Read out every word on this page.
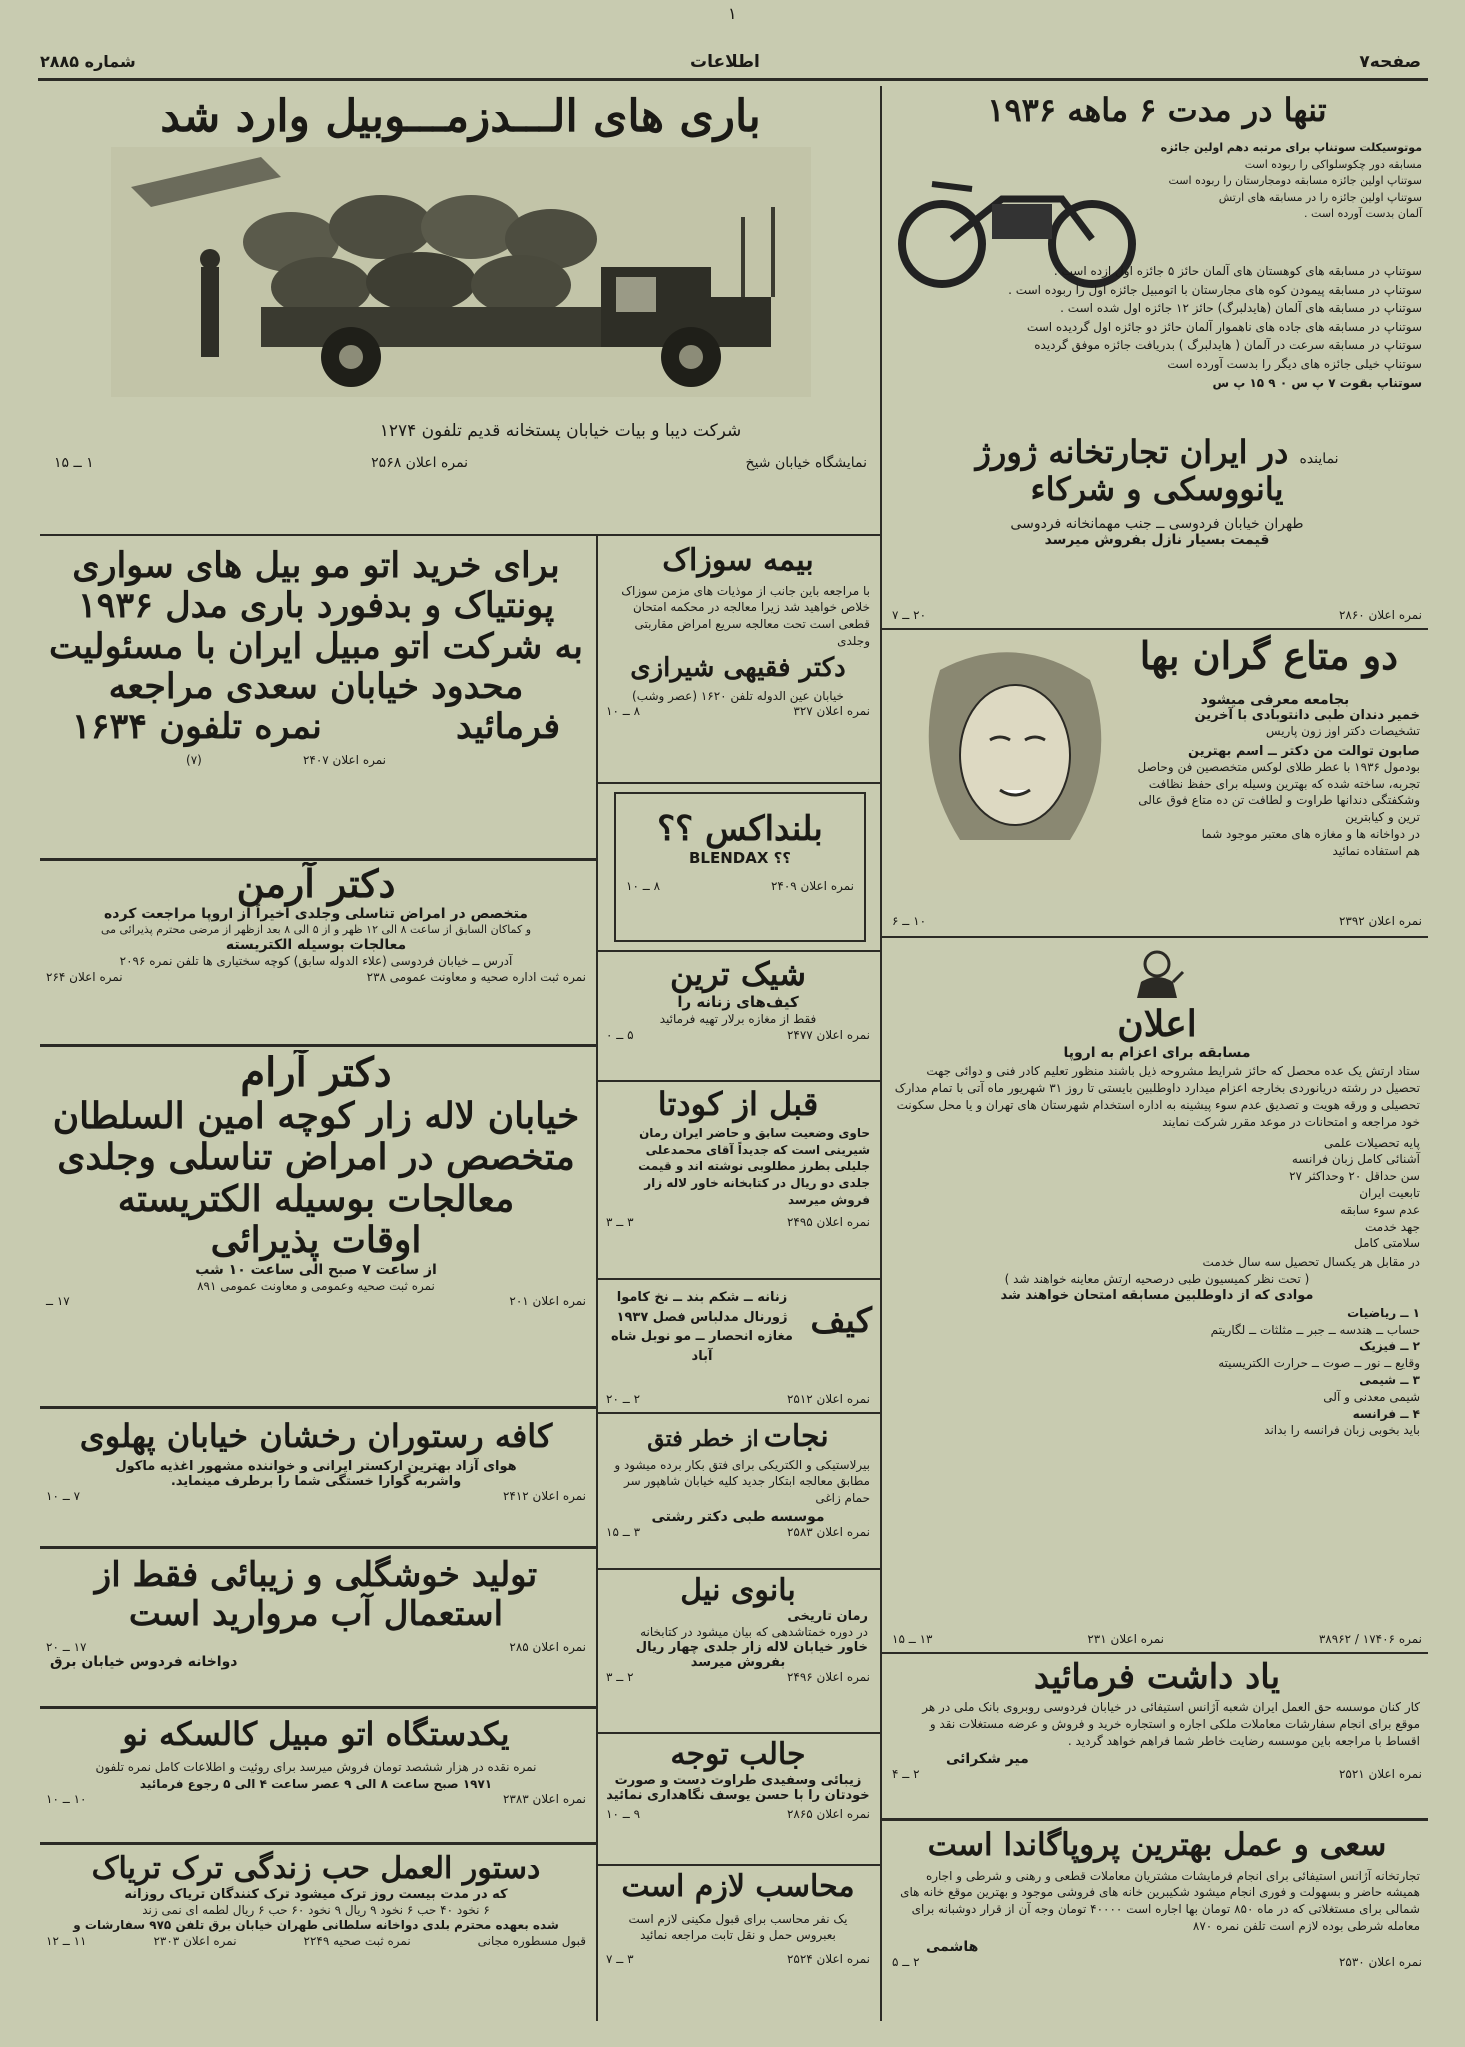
۱
شماره ۲۸۸۵	اطلاعات	صفحه۷
باری های الـــدزمـــوبیل وارد شد
شرکت دیبا و بیات خیابان پستخانه قدیم تلفون ۱۲۷۴
نمایشگاه خیابان شیخ
نمره اعلان ۲۵۶۸
۱ ــ ۱۵
تنها در مدت ۶ ماهه ۱۹۳۶
موتوسیکلت سوتناپ برای مرتبه دهم اولین جائزه
مسابقه دور چکوسلواکی را ربوده است
سوتناپ اولین جائزه مسابقه دومجارستان را ربوده است
سوتناپ اولین جائزه را در مسابقه های ارتش
آلمان بدست آورده است .
سوتناپ در مسابقه های کوهستان های آلمان حائز ۵ جائزه اول ازده است .
سوتناپ در مسابقه پیمودن کوه های مجارستان با اتومبیل جائزه اول را ربوده است .
سوتناپ در مسابقه های آلمان (هایدلبرگ) حائز ۱۲ جائزه اول شده است .
سوتناپ در مسابقه های جاده های ناهموار آلمان حائز دو جائزه اول گردیده است
سوتناپ در مسابقه سرعت در آلمان ( هایدلبرگ ) بدریافت جائزه موفق گردیده
سوتناپ خیلی جائزه های دیگر را بدست آورده است
سوتناپ بقوت ۷ پ س ۰ ۹ ۱۵ پ س
نماینده در ایران تجارتخانه ژورژ
یانووسکی و شرکاء
طهران خیابان فردوسی ــ جنب مهمانخانه فردوسی
قیمت بسیار نازل بفروش میرسد
نمره اعلان ۲۸۶۰
۲۰ ــ ۷
برای خرید اتو مو بیل های سواری
پونتیاک و بدفورد باری مدل ۱۹۳۶
به شرکت اتو مبیل ایران با مسئولیت
محدود خیابان سعدی مراجعه
فرمائید           نمره تلفون ۱۶۳۴
نمره اعلان ۲۴۰۷
(۷)
بیمه سوزاک
با مراجعه باین جانب از موذیات های مزمن سوزاک خلاص خواهید شد زیرا معالجه در محکمه امتحان قطعی است تحت معالجه سریع امراض مقاربتی وجلدی
دکتر فقیهی شیرازی
خیابان عین الدوله تلفن ۱۶۲۰ (عصر وشب)
نمره اعلان ۳۲۷
۸ ــ ۱۰
بلنداکس ؟؟
BLENDAX ؟؟
نمره اعلان ۲۴۰۹
۸ ــ ۱۰
دو متاع گران بها
بجامعه معرفی میشود
خمیر دندان طبی دانتوبادی با آخرین
تشخیصات دکتر اوز زون پاریس
صابون توالت من دکتر ــ اسم بهترین
بودمول ۱۹۳۶ با عطر طلای لوکس متخصصین فن وحاصل تجربه، ساخته شده که بهترین وسیله برای حفظ نظافت وشکفتگی دندانها طراوت و لطافت تن ده متاع فوق عالی ترین و کیابترین
در دواخانه ها و مغازه های معتبر موجود شما
هم استفاده نمائید
نمره اعلان ۲۳۹۲
۱۰ ــ ۶
دکتر آرمن
متخصص در امراض تناسلی وجلدی اخیراً از اروپا مراجعت کرده
و کماکان السابق از ساعت ۸ الی ۱۲ ظهر و از ۵ الی ۸ بعد ازظهر از مرضی محترم پذیرائی می
معالجات بوسیله الکتریسته
آدرس ــ خیابان فردوسی (علاء الدوله سابق) کوچه سختیاری ها تلفن نمره ۲۰۹۶
نمره ثبت اداره صحیه و معاونت عمومی ۲۳۸
نمره اعلان ۲۶۴	شیک ترین
کیف‌های زنانه را
فقط از مغازه برلار تهیه فرمائید
نمره اعلان ۲۴۷۷
۵ ــ ۰
دکتر آرام
خیابان لاله زار کوچه امین السلطان
متخصص در امراض تناسلی وجلدی
معالجات بوسیله الکتریسته
اوقات پذیرائی
از ساعت ۷ صبح الی ساعت ۱۰ شب
نمره ثبت صحیه وعمومی و معاونت عمومی ۸۹۱
نمره اعلان ۲۰۱
۱۷ ــ
قبل از کودتا
حاوی وضعیت سابق و حاضر ایران رمان شیرینی است که جدیداً آقای محمدعلی جلیلی بطرز مطلوبی نوشته اند و قیمت جلدی دو ریال در کتابخانه خاور لاله زار فروش میرسد
نمره اعلان ۲۴۹۵
۳ ــ ۳
کیف
زنانه ــ شکم بند ــ نخ کاموا
ژورنال مدلباس فصل ۱۹۳۷
مغازه انحصار ــ مو نوبل شاه آباد
نمره اعلان ۲۵۱۲
۲ ــ ۲۰
اعلان
مسابقه برای اعزام به اروپا
ستاد ارتش یک عده محصل که حائز شرایط مشروحه ذیل باشند منظور تعلیم کادر فنی و دوائی جهت تحصیل در رشته دریانوردی بخارجه اعزام میدارد داوطلبین بایستی تا روز ۳۱ شهریور ماه آتی با تمام مدارک تحصیلی و ورقه هویت و تصدیق عدم سوء پیشینه به اداره استخدام شهرستان های تهران و یا محل سکونت خود مراجعه و امتحانات در موعد مقرر شرکت نمایند
پایه تحصیلات علمی
آشنائی کامل زبان فرانسه
سن حداقل ۲۰ وحداکثر ۲۷
تابعیت ایران
عدم سوء سابقه
جهد خدمت
سلامتی کامل
در مقابل هر یکسال تحصیل سه سال خدمت
( تحت نظر کمیسیون طبی درصحیه ارتش معاینه خواهند شد )
موادی که از داوطلبین مسابقه امتحان خواهند شد
۱ ــ ریاضیات
حساب ــ هندسه ــ جبر ــ مثلثات ــ لگاریتم
۲ ــ فیزیک
وقایع ــ نور ــ صوت ــ حرارت الکتریسیته
۳ ــ شیمی
شیمی معدنی و آلی
۴ ــ فرانسه
باید بخوبی زبان فرانسه را بداند
نمره ۱۷۴۰۶ / ۳۸۹۶۲
نمره اعلان ۲۳۱
۱۳ ــ ۱۵
کافه رستوران رخشان خیابان پهلوی
هوای آزاد بهترین ارکستر ایرانی و خواننده مشهور اغذیه ماکول
واشربه گوارا خستگی شما را برطرف مینماید.
نمره اعلان ۲۴۱۲
۷ ــ ۱۰
نجات از خطر فتق
بیرلاستیکی و الکتریکی برای فتق بکار برده میشود و مطابق معالجه ابتکار جدید کلیه خیابان شاهپور سر حمام زاغی
موسسه طبی دکتر رشتی
نمره اعلان ۲۵۸۳
۳ ــ ۱۵
تولید خوشگلی و زیبائی فقط از
استعمال آب مروارید است
نمره اعلان ۲۸۵
۱۷ ــ ۲۰
دواخانه فردوس خیابان برق
بانوی نیل
رمان تاریخی
در دوره خمتاشدهی که بیان میشود در کتابخانه
خاور خیابان لاله زار جلدی چهار ریال
بفروش میرسد
نمره اعلان ۲۴۹۶
۲ ــ ۳	یاد داشت فرمائید
کار کنان موسسه حق العمل ایران شعبه آژانس استیفائی در خیابان فردوسی روبروی بانک ملی در هر موقع برای انجام سفارشات معاملات ملکی اجاره و استجاره خرید و فروش و عرضه مستغلات نقد و اقساط با مراجعه باین موسسه رضایت خاطر شما فراهم خواهد گردید .
میر شکرائی
نمره اعلان ۲۵۲۱
۲ ــ ۴
یکدستگاه اتو مبیل کالسکه نو
نمره نقده در هزار ششصد تومان فروش میرسد برای روئیت و اطلاعات کامل نمره تلفون
۱۹۷۱ صبح ساعت ۸ الی ۹ عصر ساعت ۴ الی ۵ رجوع فرمائید
نمره اعلان ۲۳۸۳
۱۰ ــ ۱۰
جالب توجه
زیبائی وسفیدی طراوت دست و صورت
خودتان را با حسن یوسف نگاهداری نمائید
نمره اعلان ۲۸۶۵
۹ ــ ۱۰
دستور العمل حب زندگی ترک تریاک
که در مدت بیست روز ترک میشود ترک کنندگان تریاک روزانه
۶ نخود ۴۰ حب ۶ نخود ۹ ریال ۹ نخود ۶۰ حب ۶ ریال لطمه ای نمی زند
شده بعهده محترم بلدی دواخانه سلطانی طهران خیابان برق تلفن ۹۷۵ سفارشات و
قبول مسطوره مجانی
نمره ثبت صحیه ۲۲۴۹
نمره اعلان ۲۳۰۳
۱۱ ــ ۱۲
محاسب لازم است
یک نفر محاسب برای قبول مکینی لازم است
بعبروس حمل و نقل تابت مراجعه نمائید
نمره اعلان ۲۵۲۴
۳ ــ ۷
سعی و عمل بهترین پروپاگاندا است
تجارتخانه آژانس استیفائی برای انجام فرمایشات مشتریان معاملات قطعی و رهنی و شرطی و اجاره همیشه حاضر و بسهولت و فوری انجام میشود شکیبرین خانه های فروشی موجود و بهترین موقع خانه های شمالی برای مستغلاتی که در ماه ۸۵۰ تومان بها اجاره است ۴۰۰۰۰ تومان وجه آن از قرار دوشبانه برای معامله شرطی بوده لازم است تلفن نمره ۸۷۰
هاشمی
نمره اعلان ۲۵۳۰
۲ ــ ۵
